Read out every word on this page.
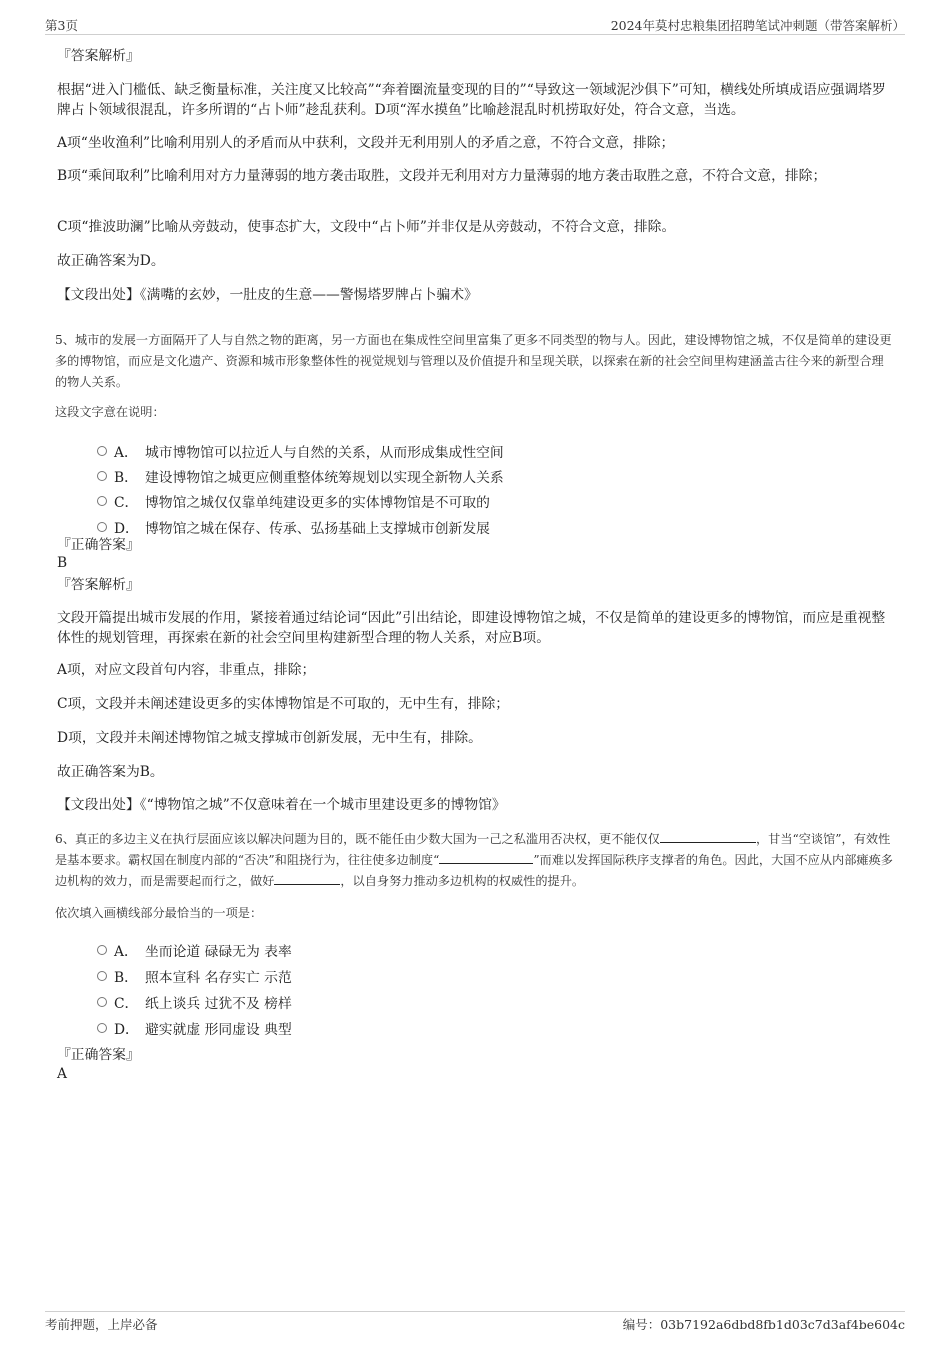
第3页	2024年莫村忠粮集团招聘笔试冲刺题（带答案解析）
『答案解析』
根据“进入门槛低、缺乏衡量标准，关注度又比较高”“奔着圈流量变现的目的”“导致这一领域泥沙俱下”可知，横线处所填成语应强调塔罗牌占卜领域很混乱，许多所谓的“占卜师”趁乱获利。D项“浑水摸鱼”比喻趁混乱时机捞取好处，符合文意，当选。
A项“坐收渔利”比喻利用别人的矛盾而从中获利，文段并无利用别人的矛盾之意，不符合文意，排除；
B项“乘间取利”比喻利用对方力量薄弱的地方袭击取胜，文段并无利用对方力量薄弱的地方袭击取胜之意，不符合文意，排除；
C项“推波助澜”比喻从旁鼓动，使事态扩大，文段中“占卜师”并非仅是从旁鼓动，不符合文意，排除。
故正确答案为D。
【文段出处】《满嘴的玄妙，一肚皮的生意——警惕塔罗牌占卜骗术》
5、城市的发展一方面隔开了人与自然之物的距离，另一方面也在集成性空间里富集了更多不同类型的物与人。因此，建设博物馆之城，不仅是简单的建设更多的博物馆，而应是文化遗产、资源和城市形象整体性的视觉规划与管理以及价值提升和呈现关联，以探索在新的社会空间里构建涵盖古往今来的新型合理的物人关系。
这段文字意在说明：
A． 城市博物馆可以拉近人与自然的关系，从而形成集成性空间
B． 建设博物馆之城更应侧重整体统筹规划以实现全新物人关系
C． 博物馆之城仅仅靠单纯建设更多的实体博物馆是不可取的
D． 博物馆之城在保存、传承、弘扬基础上支撑城市创新发展
『正确答案』
B
『答案解析』
文段开篇提出城市发展的作用，紧接着通过结论词“因此”引出结论，即建设博物馆之城，不仅是简单的建设更多的博物馆，而应是重视整体性的规划管理，再探索在新的社会空间里构建新型合理的物人关系，对应B项。
A项，对应文段首句内容，非重点，排除；
C项，文段并未阐述建设更多的实体博物馆是不可取的，无中生有，排除；
D项，文段并未阐述博物馆之城支撑城市创新发展，无中生有，排除。
故正确答案为B。
【文段出处】《“博物馆之城”不仅意味着在一个城市里建设更多的博物馆》
6、真正的多边主义在执行层面应该以解决问题为目的，既不能任由少数大国为一己之私滥用否决权，更不能仅仅	，甘当“空谈馆”，有效性是基本要求。霸权国在制度内部的“否决”和阻挠行为，往往使多边制度“	”而难以发挥国际秩序支撑者的角色。因此，大国不应从内部瘫痪多边机构的效力，而是需要起而行之，做好	，以自身努力推动多边机构的权威性的提升。
依次填入画横线部分最恰当的一项是：
A． 坐而论道 碌碌无为 表率
B． 照本宣科 名存实亡 示范
C． 纸上谈兵 过犹不及 榜样
D． 避实就虚 形同虚设 典型
『正确答案』
A
考前押题，上岸必备	编号：03b7192a6dbd8fb1d03c7d3af4be604c
